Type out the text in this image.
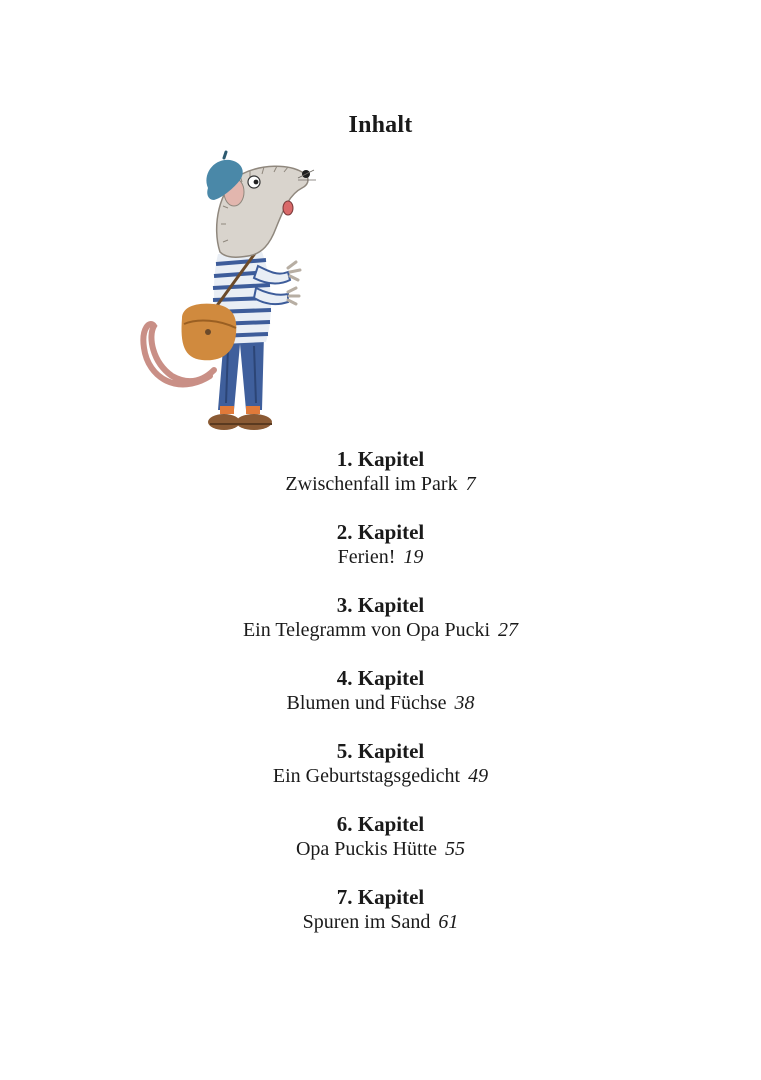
Inhalt
1. Kapitel
Zwischenfall im Park 7
2. Kapitel
Ferien! 19
3. Kapitel
Ein Telegramm von Opa Pucki 27
4. Kapitel
Blumen und Füchse 38
5. Kapitel
Ein Geburtstagsgedicht 49
6. Kapitel
Opa Puckis Hütte 55
7. Kapitel
Spuren im Sand 61
